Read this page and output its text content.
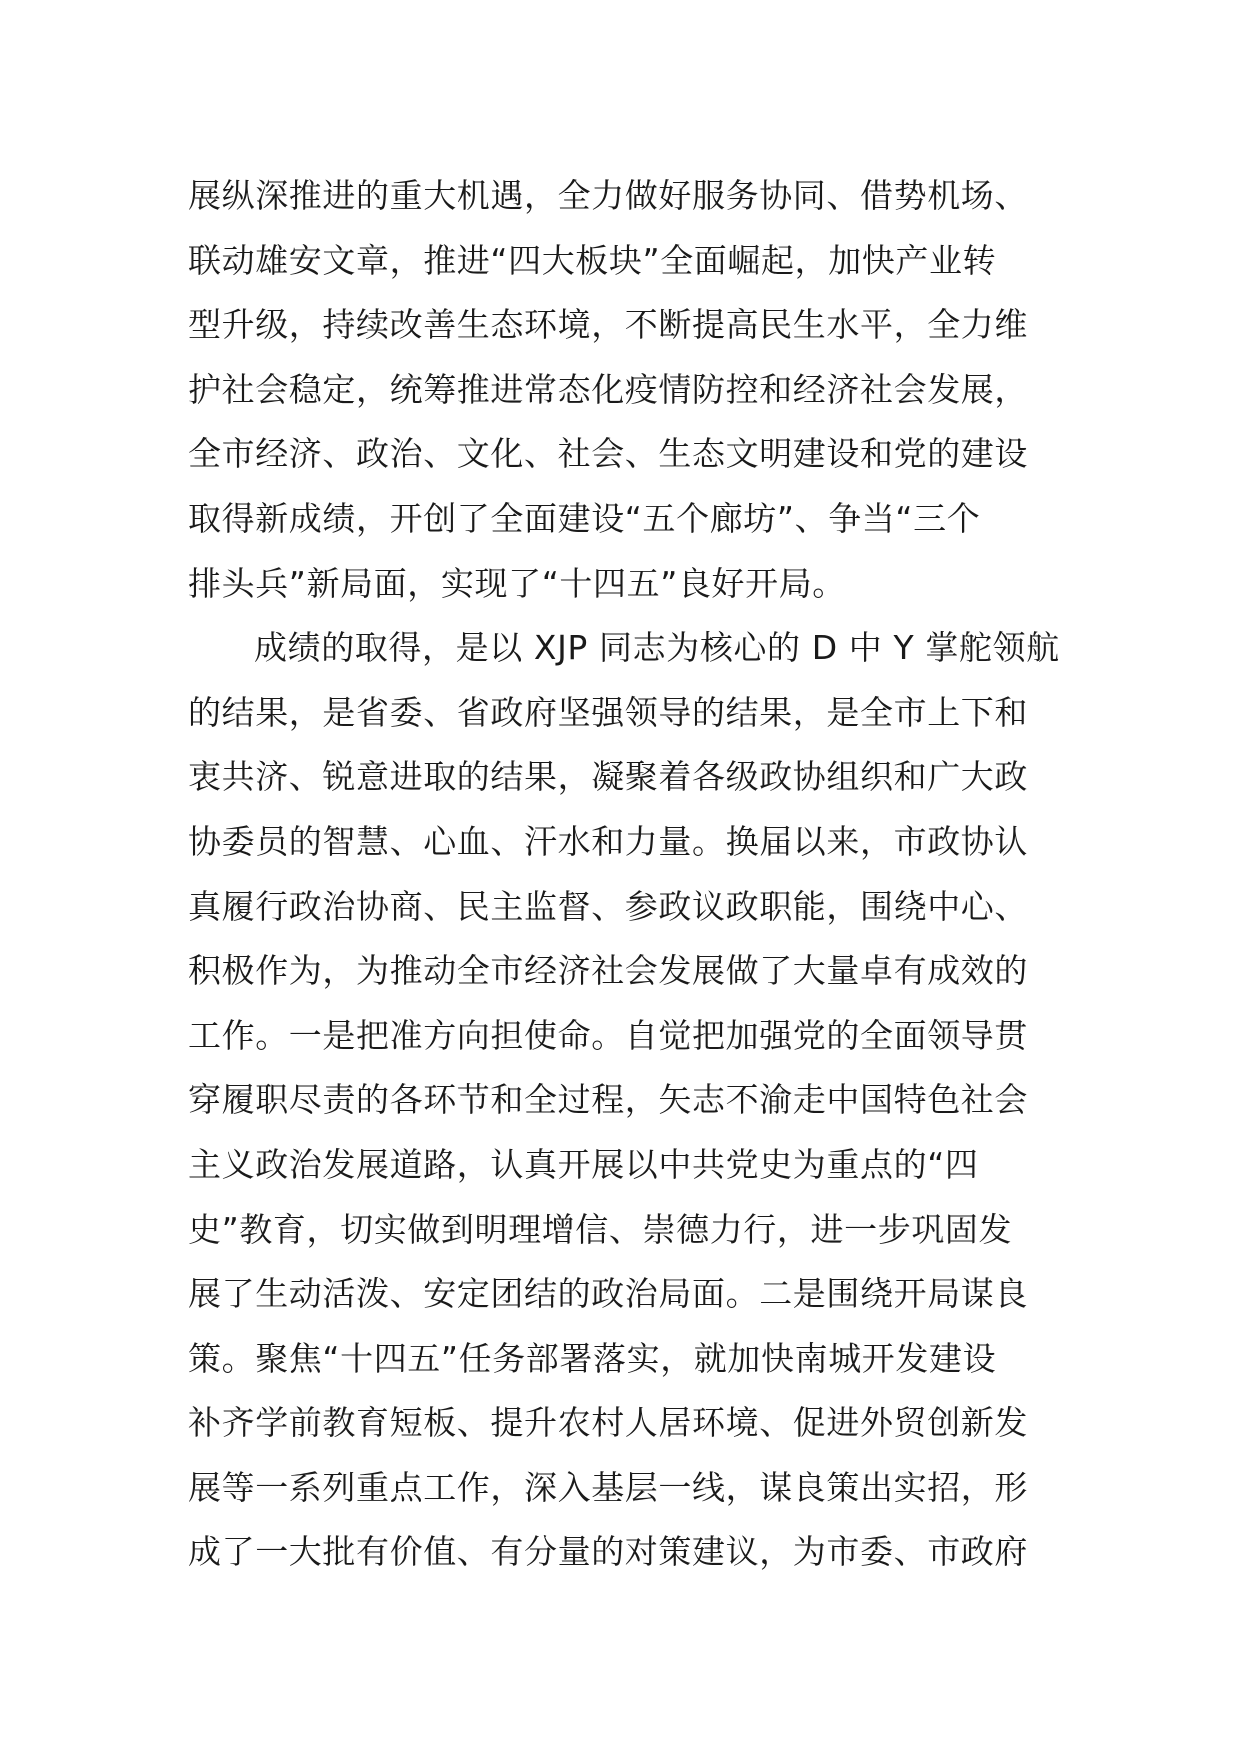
展纵深推进的重大机遇，全力做好服务协同、借势机场、
联动雄安文章，推进“四大板块”全面崛起，加快产业转
型升级，持续改善生态环境，不断提高民生水平，全力维
护社会稳定，统筹推进常态化疫情防控和经济社会发展，
全市经济、政治、文化、社会、生态文明建设和党的建设
取得新成绩，开创了全面建设“五个廊坊”、争当“三个
排头兵”新局面，实现了“十四五”良好开局。
成绩的取得，是以 XJP 同志为核心的 D 中 Y 掌舵领航
的结果，是省委、省政府坚强领导的结果，是全市上下和
衷共济、锐意进取的结果，凝聚着各级政协组织和广大政
协委员的智慧、心血、汗水和力量。换届以来，市政协认
真履行政治协商、民主监督、参政议政职能，围绕中心、
积极作为，为推动全市经济社会发展做了大量卓有成效的
工作。一是把准方向担使命。自觉把加强党的全面领导贯
穿履职尽责的各环节和全过程，矢志不渝走中国特色社会
主义政治发展道路，认真开展以中共党史为重点的“四
史”教育，切实做到明理增信、崇德力行，进一步巩固发
展了生动活泼、安定团结的政治局面。二是围绕开局谋良
策。聚焦“十四五”任务部署落实，就加快南城开发建设
补齐学前教育短板、提升农村人居环境、促进外贸创新发
展等一系列重点工作，深入基层一线，谋良策出实招，形
成了一大批有价值、有分量的对策建议，为市委、市政府
